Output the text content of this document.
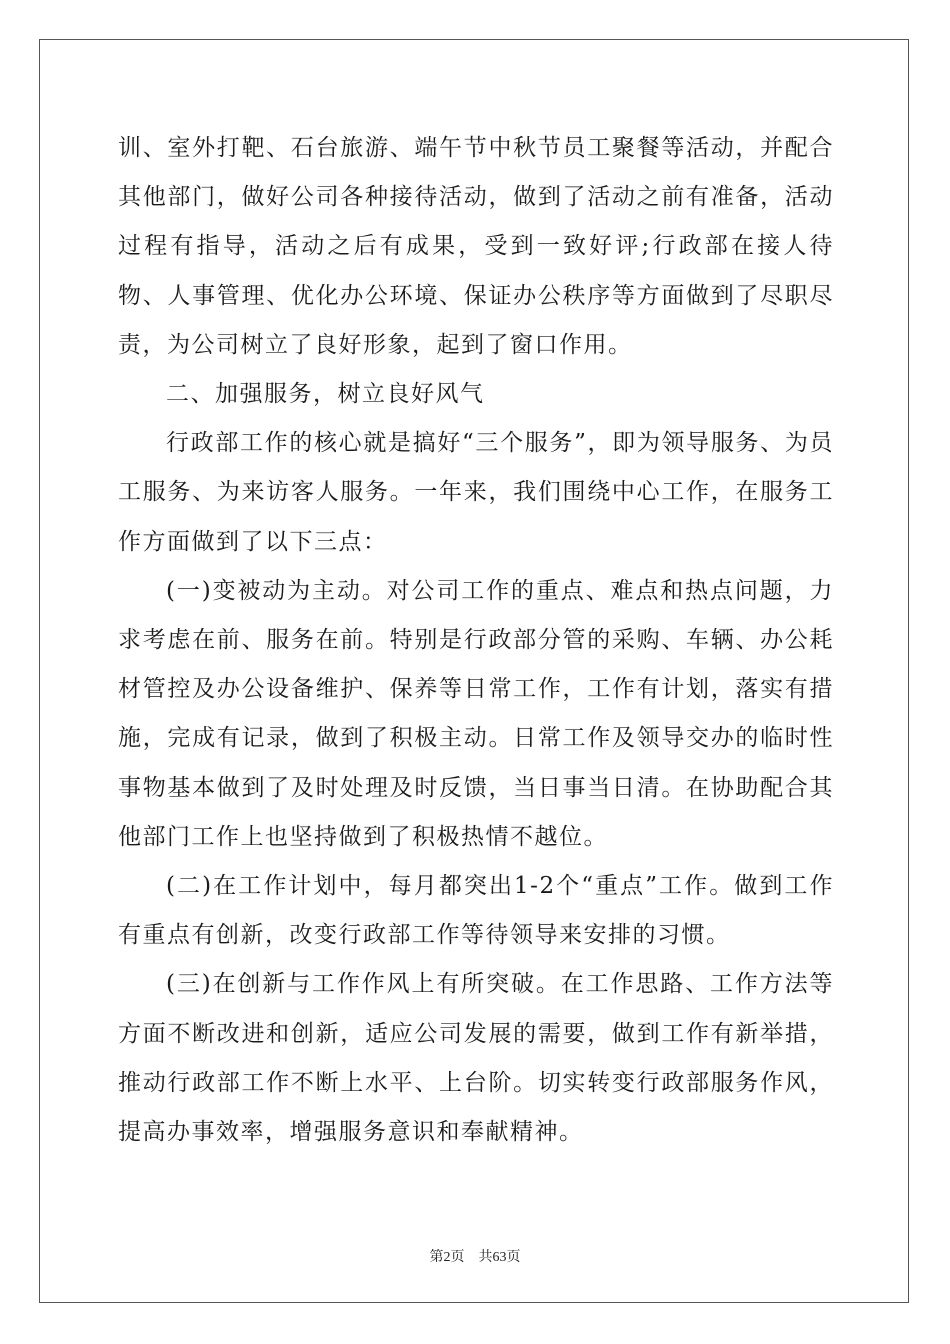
训、室外打靶、石台旅游、端午节中秋节员工聚餐等活动，并配合其他部门，做好公司各种接待活动，做到了活动之前有准备，活动过程有指导，活动之后有成果，受到一致好评;行政部在接人待物、人事管理、优化办公环境、保证办公秩序等方面做到了尽职尽责，为公司树立了良好形象，起到了窗口作用。

二、加强服务，树立良好风气

行政部工作的核心就是搞好“三个服务”，即为领导服务、为员工服务、为来访客人服务。一年来，我们围绕中心工作，在服务工作方面做到了以下三点：

(一)变被动为主动。对公司工作的重点、难点和热点问题，力求考虑在前、服务在前。特别是行政部分管的采购、车辆、办公耗材管控及办公设备维护、保养等日常工作，工作有计划，落实有措施，完成有记录，做到了积极主动。日常工作及领导交办的临时性事物基本做到了及时处理及时反馈，当日事当日清。在协助配合其他部门工作上也坚持做到了积极热情不越位。

(二)在工作计划中，每月都突出1-2个“重点”工作。做到工作有重点有创新，改变行政部工作等待领导来安排的习惯。

(三)在创新与工作作风上有所突破。在工作思路、工作方法等方面不断改进和创新，适应公司发展的需要，做到工作有新举措，推动行政部工作不断上水平、上台阶。切实转变行政部服务作风，提高办事效率，增强服务意识和奉献精神。

第2页 共63页
